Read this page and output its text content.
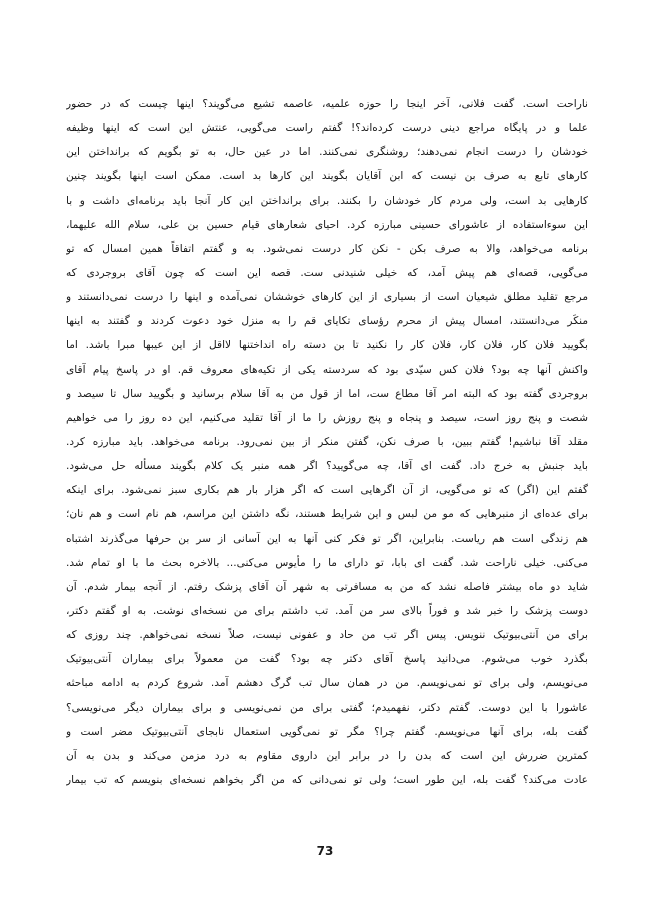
ناراحت است. گفت فلانی، آخر اینجا را حوزه علمیه، عاصمه تشیع می‌گویند؟ اینها چیست که در حضور
علما و در پایگاه مراجع دینی درست کرده‌اند؟! گفتم راست می‌گویی، عنتش این است که اینها وظیفه
خودشان را درست انجام نمی‌دهند؛ روشنگری نمی‌کنند. اما در عین حال، به تو بگویم که برانداختن این
کارهای تابع به صرف بن نیست که ابن آقایان بگویند این کارها بد است. ممکن است اینها بگویند چنین
کارهایی بد است، ولی مردم کار خودشان را بکنند. برای برانداختن این کار آنجا باید برنامه‌ای داشت و با
این سوءاستفاده از عاشورای حسینی مبارزه کرد. احیای شعارهای قیام حسین بن علی، سلام الله علیهما،
برنامه می‌خواهد، والا به صرف بکن - نکن کار درست نمی‌شود. به و گفتم اتفاقاً همین امسال که تو
می‌گویی، قصه‌ای هم پیش آمد، که خیلی شنیدنی ست. قصه این است که چون آقای بروجردی که
مرجع تقلید مطلق شیعیان است از بسیاری از این کارهای خوششان نمی‌آمده و اینها را درست نمی‌دانستند و
منکَر می‌دانستند، امسال پیش از محرم رؤسای تکایای قم را به منزل خود دعوت کردند و گفتند به اینها
بگویید فلان کار، فلان کار، فلان کار را نکنید تا بن دسته راه انداختنها لااقل از این عیبها مبرا باشد. اما
واکنش آنها چه بود؟ فلان کس سیّدی بود که سردسته یکی از تکیه‌های معروف قم. او در پاسخ پیام آقای
بروجردی گفته بود که البته امر آقا مطاع ست، اما از قول من به آقا سلام برسانید و بگویید سال تا سیصد و
شصت و پنج روز است، سیصد و پنجاه و پنج روزش را ما از آقا تقلید می‌کنیم، این ده روز را می خواهیم
مقلد آقا نباشیم! گفتم ببین، با صرف نکن، گفتن منکر از بین نمی‌رود. برنامه می‌خواهد. باید مبارزه کرد.
باید جنبش به خرج داد. گفت ای آقا، چه می‌گویید؟ اگر همه منبر یک کلام بگویند مسأله حل می‌شود.
گفتم این (اگر) که تو می‌گویی، از آن اگرهایی است که اگر هزار بار هم بکاری سبز نمی‌شود. برای اینکه
برای عده‌ای از منبرهایی که مو من لبس و این شرایط هستند، نگه داشتن این مراسم، هم نام است و هم نان؛
هم زندگی است هم ریاست. بنابراین، اگر تو فکر کنی آنها به این آسانی از سر بن حرفها می‌گذرند اشتباه
می‌کنی. خیلی ناراحت شد. گفت ای بابا، تو دارای ما را مأیوس می‌کنی... بالاخره بحث ما با او تمام شد.
شاید دو ماه بیشتر فاصله نشد که من به مسافرتی به شهر آن آقای پزشک رفتم. از آنجه بیمار شدم. آن
دوست پزشک را خبر شد و فوراً بالای سر من آمد. تب داشتم برای من نسخه‌ای نوشت. به او گفتم دکتر،
برای من آنتی‌بیوتیک ننویس. پیس اگر تب من حاد و عفونی نیست، صلاً نسخه نمی‌خواهم. چند روزی که
بگذرد خوب می‌شوم. می‌دانید پاسخ آقای دکتر چه بود؟ گفت من معمولاً برای بیماران آنتی‌بیوتیک
می‌نویسم، ولی برای تو نمی‌نویسم. من در همان سال تب گرگ دهشم آمد. شروع کردم به ادامه مباحثه
عاشورا با این دوست. گفتم دکتر، نفهمیدم؛ گفتی برای من نمی‌نویسی و برای بیماران دیگر می‌نویسی؟
گفت بله، برای آنها می‌نویسم. گفتم چرا؟ مگر تو نمی‌گویی استعمال نابجای آنتی‌بیوتیک مضر است و
کمترین ضررش این است که بدن را در برابر این داروی مقاوم به درد مزمن می‌کند و بدن به آن
عادت می‌کند؟ گفت بله، این طور است؛ ولی تو نمی‌دانی که من اگر بخواهم نسخه‌ای بنویسم که تب بیمار
73
